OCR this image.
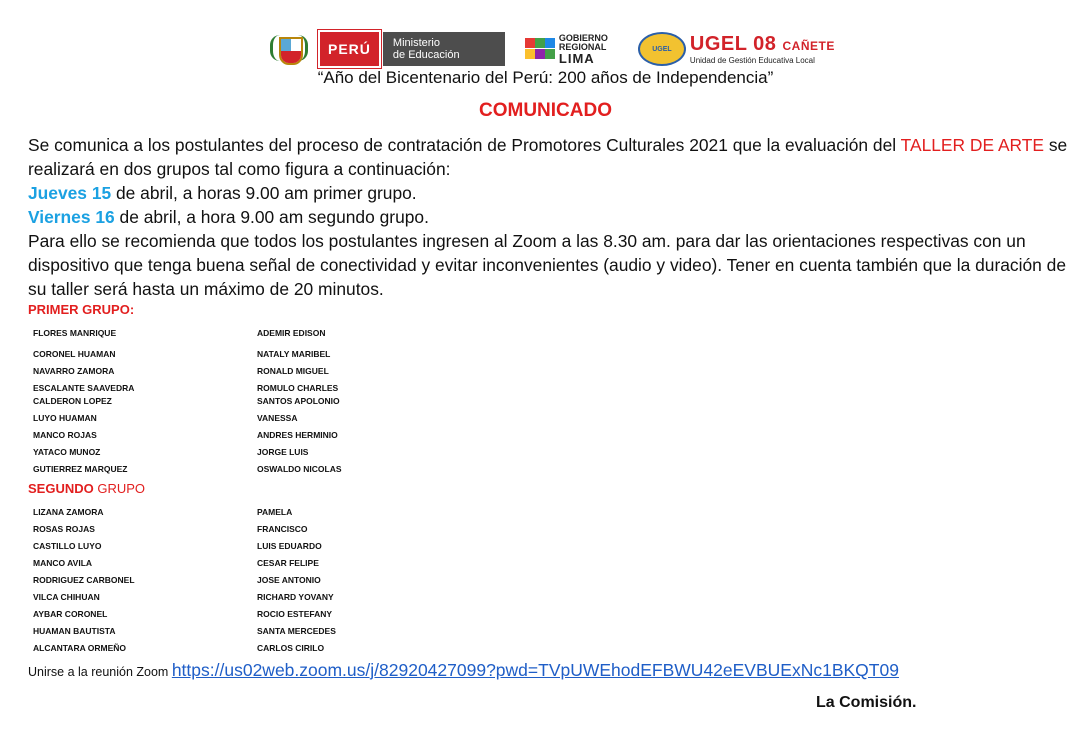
PERÚ Ministerio
de Educación
GOBIERNO
REGIONAL
LIMA
UGEL UGEL 08 CAÑETE
Unidad de Gestión Educativa Local
“Año del Bicentenario del Perú: 200 años de Independencia”
COMUNICADO

Se comunica a los postulantes del proceso de contratación de Promotores Culturales 2021 que la evaluación del TALLER DE ARTE se realizará en dos grupos tal como figura a continuación:

Jueves 15 de abril, a horas 9.00 am primer grupo.

Viernes 16 de abril, a hora 9.00 am segundo grupo.

Para ello se recomienda que todos los postulantes ingresen al Zoom a las 8.30 am. para dar las orientaciones respectivas con un dispositivo que tenga buena señal de conectividad y evitar inconvenientes (audio y video). Tener en cuenta también que la duración de su taller será hasta un máximo de 20 minutos.

PRIMER GRUPO:
FLORES MANRIQUE	ADEMIR EDISON
CORONEL HUAMAN	NATALY MARIBEL
NAVARRO ZAMORA	RONALD MIGUEL
ESCALANTE SAAVEDRA	ROMULO CHARLES
CALDERON LOPEZ	SANTOS APOLONIO
LUYO HUAMAN	VANESSA
MANCO ROJAS	ANDRES HERMINIO
YATACO MUNOZ	JORGE LUIS
GUTIERREZ MARQUEZ	OSWALDO NICOLAS
SEGUNDO GRUPO
LIZANA ZAMORA	PAMELA
ROSAS ROJAS	FRANCISCO
CASTILLO LUYO	LUIS EDUARDO
MANCO AVILA	CESAR FELIPE
RODRIGUEZ CARBONEL	JOSE ANTONIO
VILCA CHIHUAN	RICHARD YOVANY
AYBAR CORONEL	ROCIO ESTEFANY
HUAMAN BAUTISTA	SANTA MERCEDES
ALCANTARA ORMEÑO	CARLOS CIRILO
Unirse a la reunión Zoom https://us02web.zoom.us/j/82920427099?pwd=TVpUWEhodEFBWU42eEVBUExNc1BKQT09
La Comisión.
